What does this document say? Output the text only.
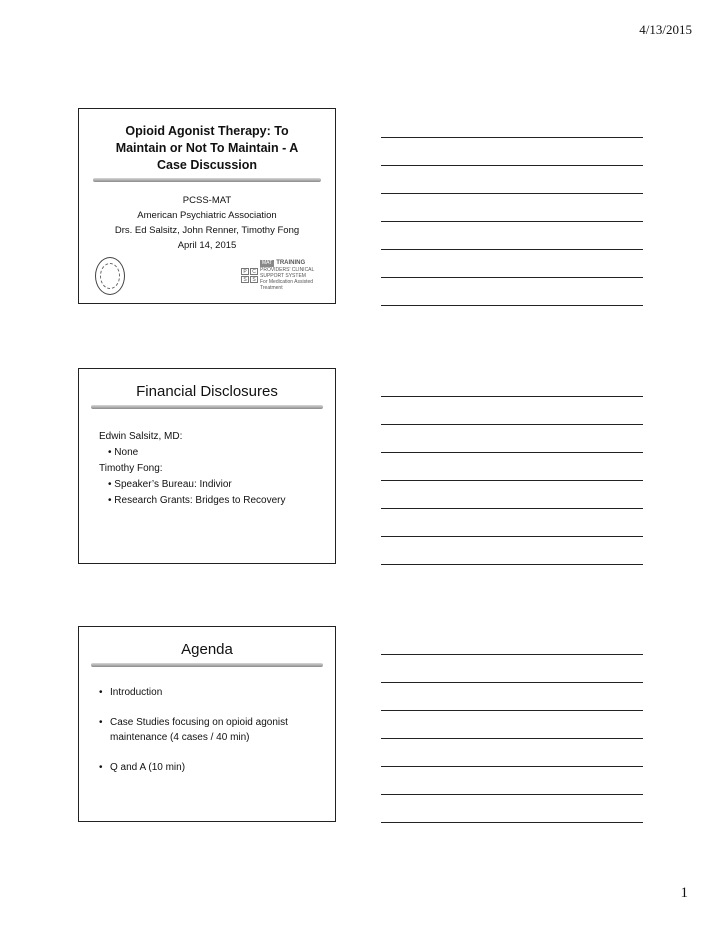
4/13/2015
Opioid Agonist Therapy: To
Maintain or Not To Maintain - A
Case Discussion
PCSS-MAT
American Psychiatric Association
Drs. Ed Salsitz, John Renner, Timothy Fong
April 14, 2015
P	C
S	S
MAT TRAINING
PROVIDERS' CLINICAL SUPPORT SYSTEM
For Medication Assisted Treatment
Financial Disclosures
Edwin Salsitz, MD:
• None
Timothy Fong:
• Speaker’s Bureau: Indivior
• Research Grants: Bridges to Recovery
Agenda
• Introduction
• Case Studies focusing on opioid agonist maintenance (4 cases / 40 min)
• Q and A (10 min)
1
